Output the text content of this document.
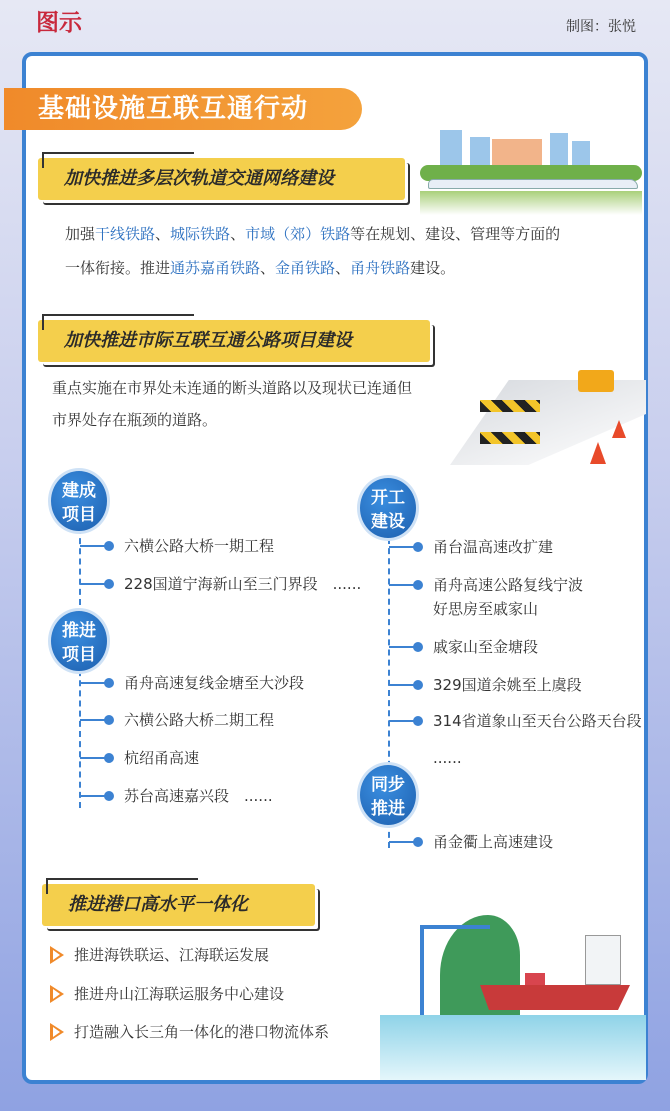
图示	制图：张悦
基础设施互联互通行动
加快推进多层次轨道交通网络建设
加强干线铁路、城际铁路、市域（郊）铁路等在规划、建设、管理等方面的
一体衔接。推进通苏嘉甬铁路、金甬铁路、甬舟铁路建设。
加快推进市际互联互通公路项目建设
重点实施在市界处未连通的断头道路以及现状已连通但
市界处存在瓶颈的道路。
建成
项目
六横公路大桥一期工程
228国道宁海新山至三门界段　......
推进
项目
甬舟高速复线金塘至大沙段
六横公路大桥二期工程
杭绍甬高速
苏台高速嘉兴段　......
开工
建设
甬台温高速改扩建
甬舟高速公路复线宁波
好思房至戚家山
戚家山至金塘段
329国道余姚至上虞段
314省道象山至天台公路天台段
......
同步
推进
甬金衢上高速建设
推进港口高水平一体化
推进海铁联运、江海联运发展
推进舟山江海联运服务中心建设
打造融入长三角一体化的港口物流体系
